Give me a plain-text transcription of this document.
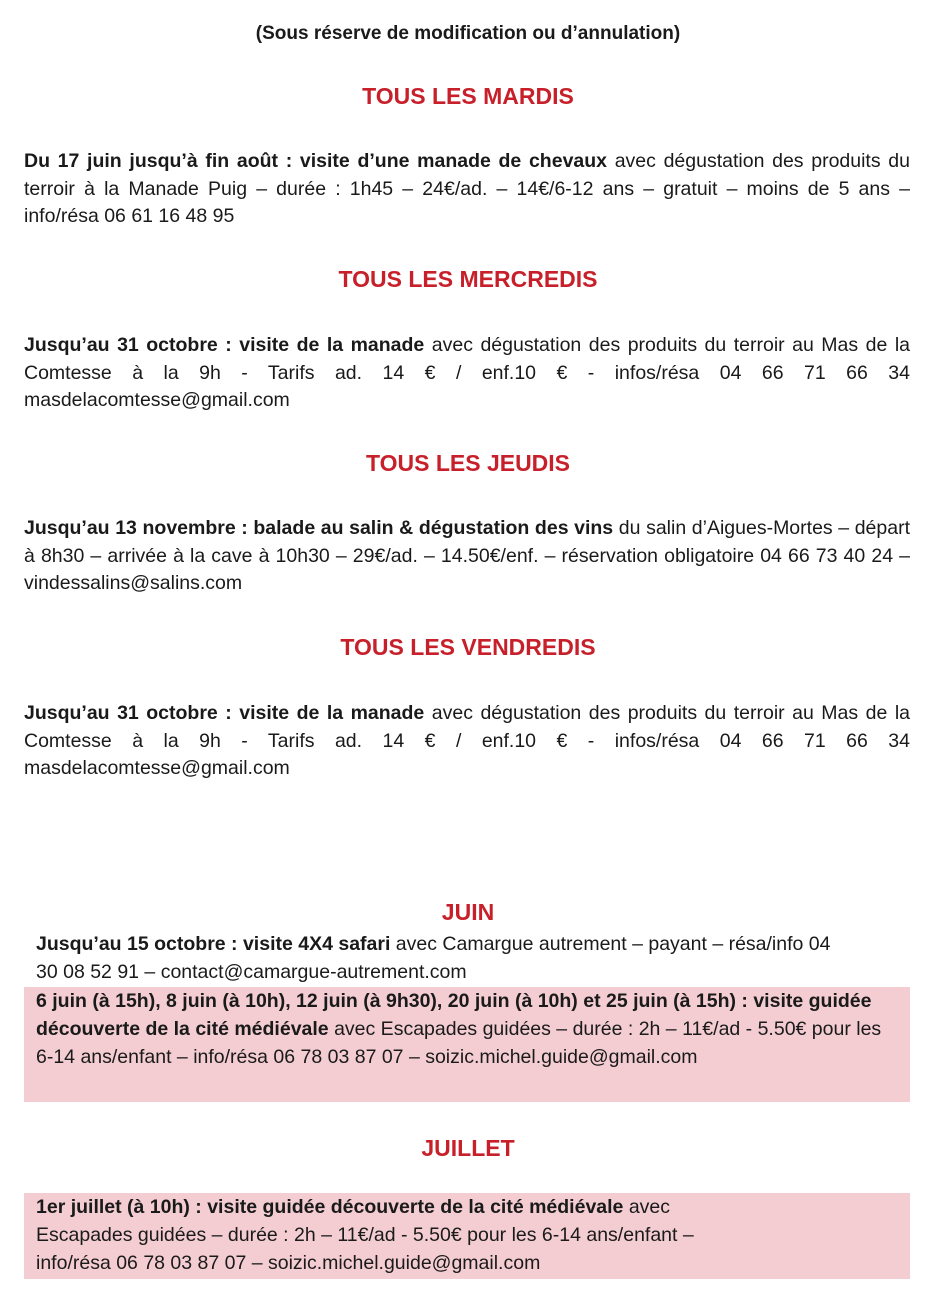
(Sous réserve de modification ou d’annulation)
TOUS LES MARDIS
Du 17 juin jusqu’à fin août : visite d’une manade de chevaux avec dégustation des produits du terroir à la Manade Puig – durée : 1h45 – 24€/ad. – 14€/6-12 ans – gratuit – moins de 5 ans – info/résa 06 61 16 48 95
TOUS LES MERCREDIS
Jusqu’au 31 octobre : visite de la manade avec dégustation des produits du terroir au Mas de la Comtesse à la 9h - Tarifs ad. 14 € / enf.10 € - infos/résa 04 66 71 66 34 masdelacomtesse@gmail.com
TOUS LES JEUDIS
Jusqu’au 13 novembre : balade au salin & dégustation des vins du salin d’Aigues-Mortes – départ à 8h30 – arrivée à la cave à 10h30 – 29€/ad. – 14.50€/enf. – réservation obligatoire 04 66 73 40 24 – vindessalins@salins.com
TOUS LES VENDREDIS
Jusqu’au 31 octobre : visite de la manade avec dégustation des produits du terroir au Mas de la Comtesse à la 9h - Tarifs ad. 14 € / enf.10 € - infos/résa 04 66 71 66 34 masdelacomtesse@gmail.com
JUIN
Jusqu’au 15 octobre : visite 4X4 safari avec Camargue autrement – payant – résa/info 04 30 08 52 91 – contact@camargue-autrement.com
6 juin (à 15h), 8 juin (à 10h), 12 juin (à 9h30), 20 juin (à 10h) et 25 juin (à 15h) : visite guidée découverte de la cité médiévale avec Escapades guidées – durée : 2h – 11€/ad - 5.50€ pour les 6-14 ans/enfant – info/résa 06 78 03 87 07 – soizic.michel.guide@gmail.com
JUILLET
1er juillet (à 10h) : visite guidée découverte de la cité médiévale avec Escapades guidées – durée : 2h – 11€/ad - 5.50€ pour les 6-14 ans/enfant – info/résa 06 78 03 87 07 – soizic.michel.guide@gmail.com
